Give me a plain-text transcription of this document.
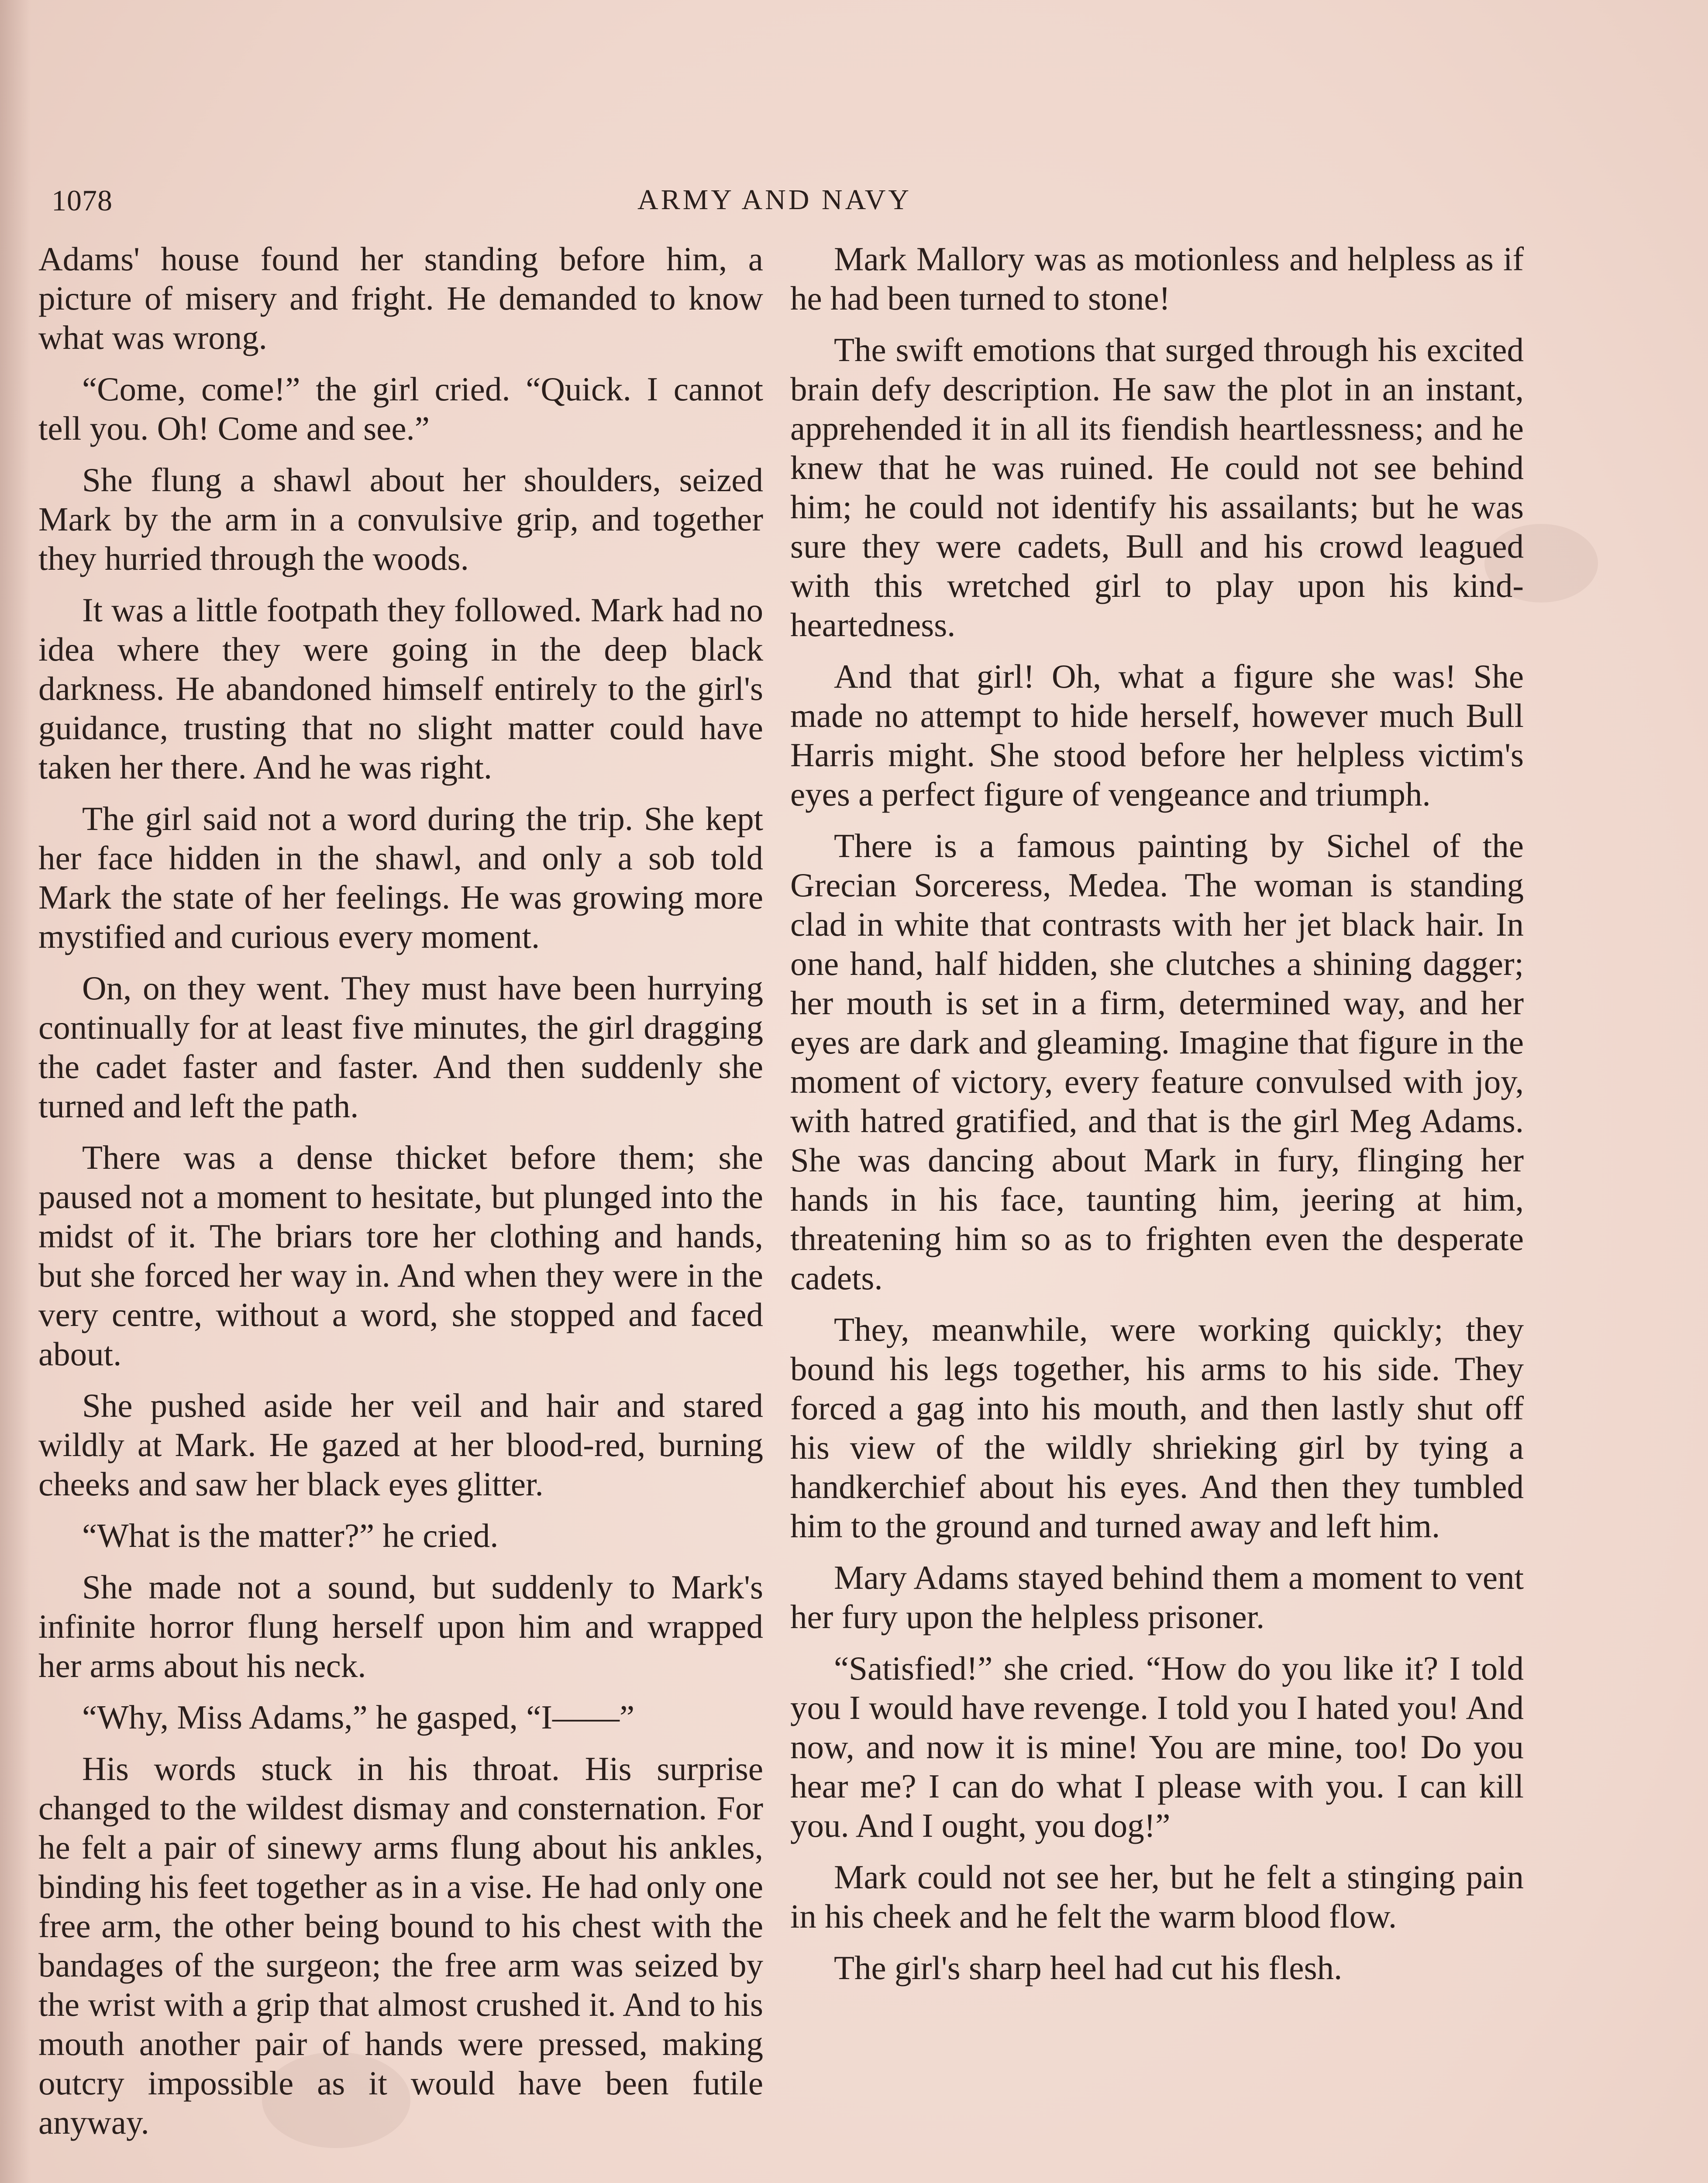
1078	ARMY AND NAVY

Adams' house found her standing before him, a picture of misery and fright. He demanded to know what was wrong.

“Come, come!” the girl cried. “Quick. I cannot tell you. Oh! Come and see.”

She flung a shawl about her shoulders, seized Mark by the arm in a convulsive grip, and together they hurried through the woods.

It was a little footpath they followed. Mark had no idea where they were going in the deep black darkness. He abandoned himself entirely to the girl's guidance, trusting that no slight matter could have taken her there. And he was right.

The girl said not a word during the trip. She kept her face hidden in the shawl, and only a sob told Mark the state of her feelings. He was growing more mystified and curious every moment.

On, on they went. They must have been hurrying continually for at least five minutes, the girl dragging the cadet faster and faster. And then suddenly she turned and left the path.

There was a dense thicket before them; she paused not a moment to hesitate, but plunged into the midst of it. The briars tore her clothing and hands, but she forced her way in. And when they were in the very centre, without a word, she stopped and faced about.

She pushed aside her veil and hair and stared wildly at Mark. He gazed at her blood-red, burning cheeks and saw her black eyes glitter.

“What is the matter?” he cried.

She made not a sound, but suddenly to Mark's infinite horror flung herself upon him and wrapped her arms about his neck.

“Why, Miss Adams,” he gasped, “I——”

His words stuck in his throat. His surprise changed to the wildest dismay and consternation. For he felt a pair of sinewy arms flung about his ankles, binding his feet together as in a vise. He had only one free arm, the other being bound to his chest with the bandages of the surgeon; the free arm was seized by the wrist with a grip that almost crushed it. And to his mouth another pair of hands were pressed, making outcry impossible as it would have been futile anyway.

Mark Mallory was as motionless and helpless as if he had been turned to stone!

The swift emotions that surged through his excited brain defy description. He saw the plot in an instant, apprehended it in all its fiendish heartlessness; and he knew that he was ruined. He could not see behind him; he could not identify his assailants; but he was sure they were cadets, Bull and his crowd leagued with this wretched girl to play upon his kind-heartedness.

And that girl! Oh, what a figure she was! She made no attempt to hide herself, however much Bull Harris might. She stood before her helpless victim's eyes a perfect figure of vengeance and triumph.

There is a famous painting by Sichel of the Grecian Sorceress, Medea. The woman is standing clad in white that contrasts with her jet black hair. In one hand, half hidden, she clutches a shining dagger; her mouth is set in a firm, determined way, and her eyes are dark and gleaming. Imagine that figure in the moment of victory, every feature convulsed with joy, with hatred gratified, and that is the girl Meg Adams. She was dancing about Mark in fury, flinging her hands in his face, taunting him, jeering at him, threatening him so as to frighten even the desperate cadets.

They, meanwhile, were working quickly; they bound his legs together, his arms to his side. They forced a gag into his mouth, and then lastly shut off his view of the wildly shrieking girl by tying a handkerchief about his eyes. And then they tumbled him to the ground and turned away and left him.

Mary Adams stayed behind them a moment to vent her fury upon the helpless prisoner.

“Satisfied!” she cried. “How do you like it? I told you I would have revenge. I told you I hated you! And now, and now it is mine! You are mine, too! Do you hear me? I can do what I please with you. I can kill you. And I ought, you dog!”

Mark could not see her, but he felt a stinging pain in his cheek and he felt the warm blood flow.

The girl's sharp heel had cut his flesh.
